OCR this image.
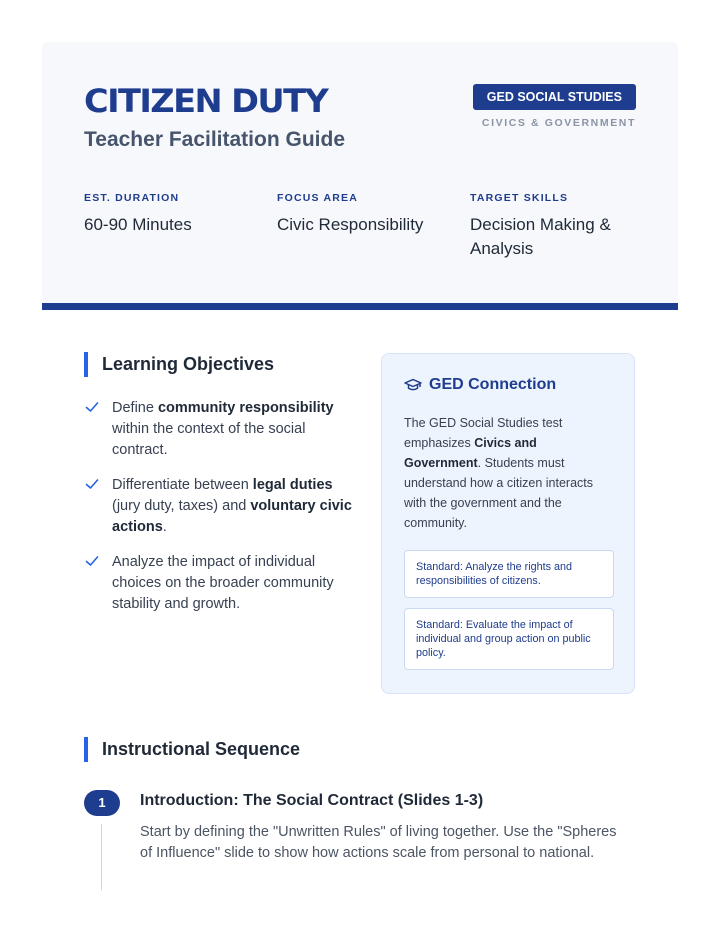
CITIZEN DUTY
Teacher Facilitation Guide
GED SOCIAL STUDIES
CIVICS & GOVERNMENT
EST. DURATION
60-90 Minutes
FOCUS AREA
Civic Responsibility
TARGET SKILLS
Decision Making & Analysis
Learning Objectives
Define community responsibility within the context of the social contract.
Differentiate between legal duties (jury duty, taxes) and voluntary civic actions.
Analyze the impact of individual choices on the broader community stability and growth.
GED Connection
The GED Social Studies test emphasizes Civics and Government. Students must understand how a citizen interacts with the government and the community.
Standard: Analyze the rights and responsibilities of citizens.
Standard: Evaluate the impact of individual and group action on public policy.
Instructional Sequence
1	Introduction: The Social Contract (Slides 1-3)
Start by defining the "Unwritten Rules" of living together. Use the "Spheres of Influence" slide to show how actions scale from personal to national.
